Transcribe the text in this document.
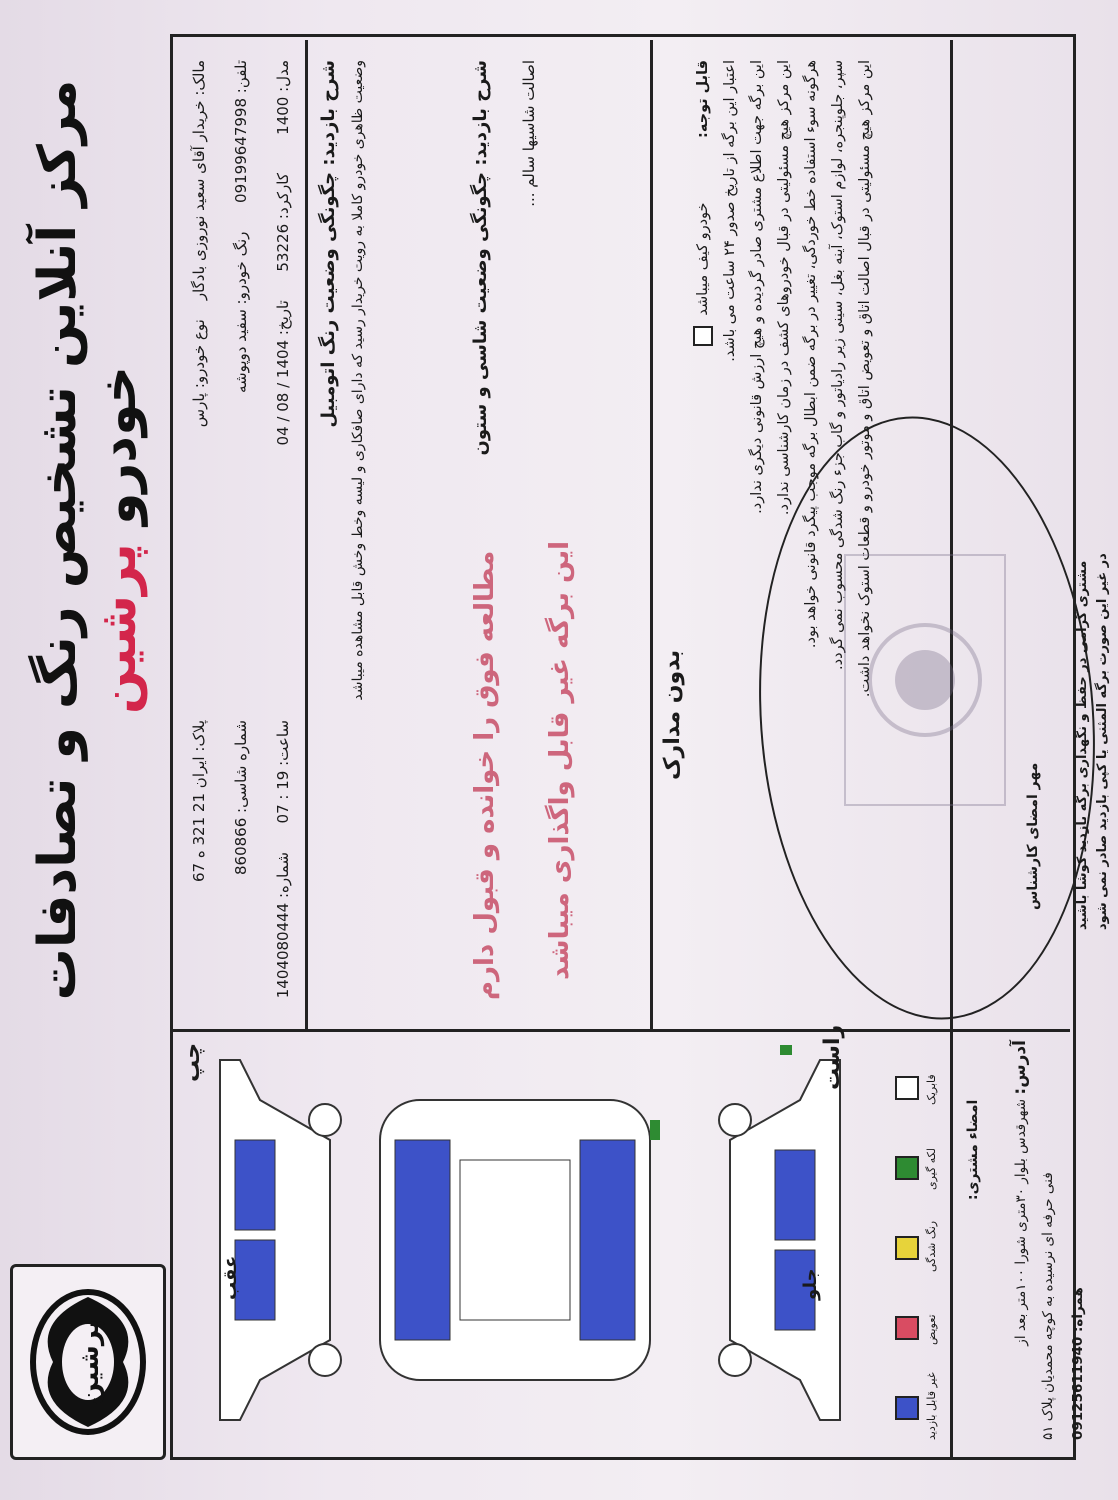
مرکز آنلاین تشخیص رنگ و تصادفات خودرو پرشین
پرشین
مالک: خریدار آقای سعید نوروزی بادگار    نوع خودرو: پارس
پلاک: ایران 21 321 ه 67
تلفن: 09199647998      رنگ خودرو: سفید دوپوشه
شماره شاسی: 860866
مدل: 1400        کارکرد: 53226      تاریخ: 1404 / 08 / 04
ساعت: 19 : 07      شماره: 1404080444
شرح بازدید: چگونگی وضعیت رنگ اتومبیل وضعیت ظاهری خودرو کاملا به رویت خریدار رسید که دارای صافکاری و لیسه وخط وخش قابل مشاهده میباشد	شرح بازدید: چگونگی وضعیت شاسی و ستون اصالت شاسیها سالم ...
مطالعه فوق را خوانده و قبول دارم این برگه غیر قابل واگذاری میباشد	بدون مدارک
قابل توجه:              خودرو کیف میباشد اعتبار این برگه از تاریخ صدور ۲۴ ساعت می باشد. این برگه جهت اطلاع مشتری صادر گردیده و هیچ ارزش قانونی دیگری ندارد. این مرکز هیچ مسئولیتی در قبال خودروهای کشف در زمان کارشناسی ندارد. هرگونه سوء استفاده خط خوردگی، تغییر در برگه ضمن ابطال برگه موجب پیگرد قانونی خواهد بود. سپر، جلوپنجره، لوازم استوک، آینه بغل، سینی زیر رادیاتور و گاب جزء رنگ شدگی محسوب نمی گردد. این مرکز هیچ مسئولیتی در قبال اصالت اتاق و تعویض اتاق و موتور خودرو و قطعات استوک نخواهد داشت.
مهر امضای کارشناس
چپ	راست
عقب	جلو
غیر قابل بازدید
تعویض
رنگ شدگی
لکه گیری
فابریک
امضاء مشتری:
آدرس: شهرقدس بلوار ۳۰متری شورا ۱۰۰متر بعد از
فنی حرفه ای نرسیده به کوچه محمدیان پلاک ۵۱ همراه: 09125611940
مشتری گرامی در حفظ و نگهداری برگه بازدید کوشا باشید در غیر این صورت برگه المثنی یا کپی بازدید صادر نمی شود
